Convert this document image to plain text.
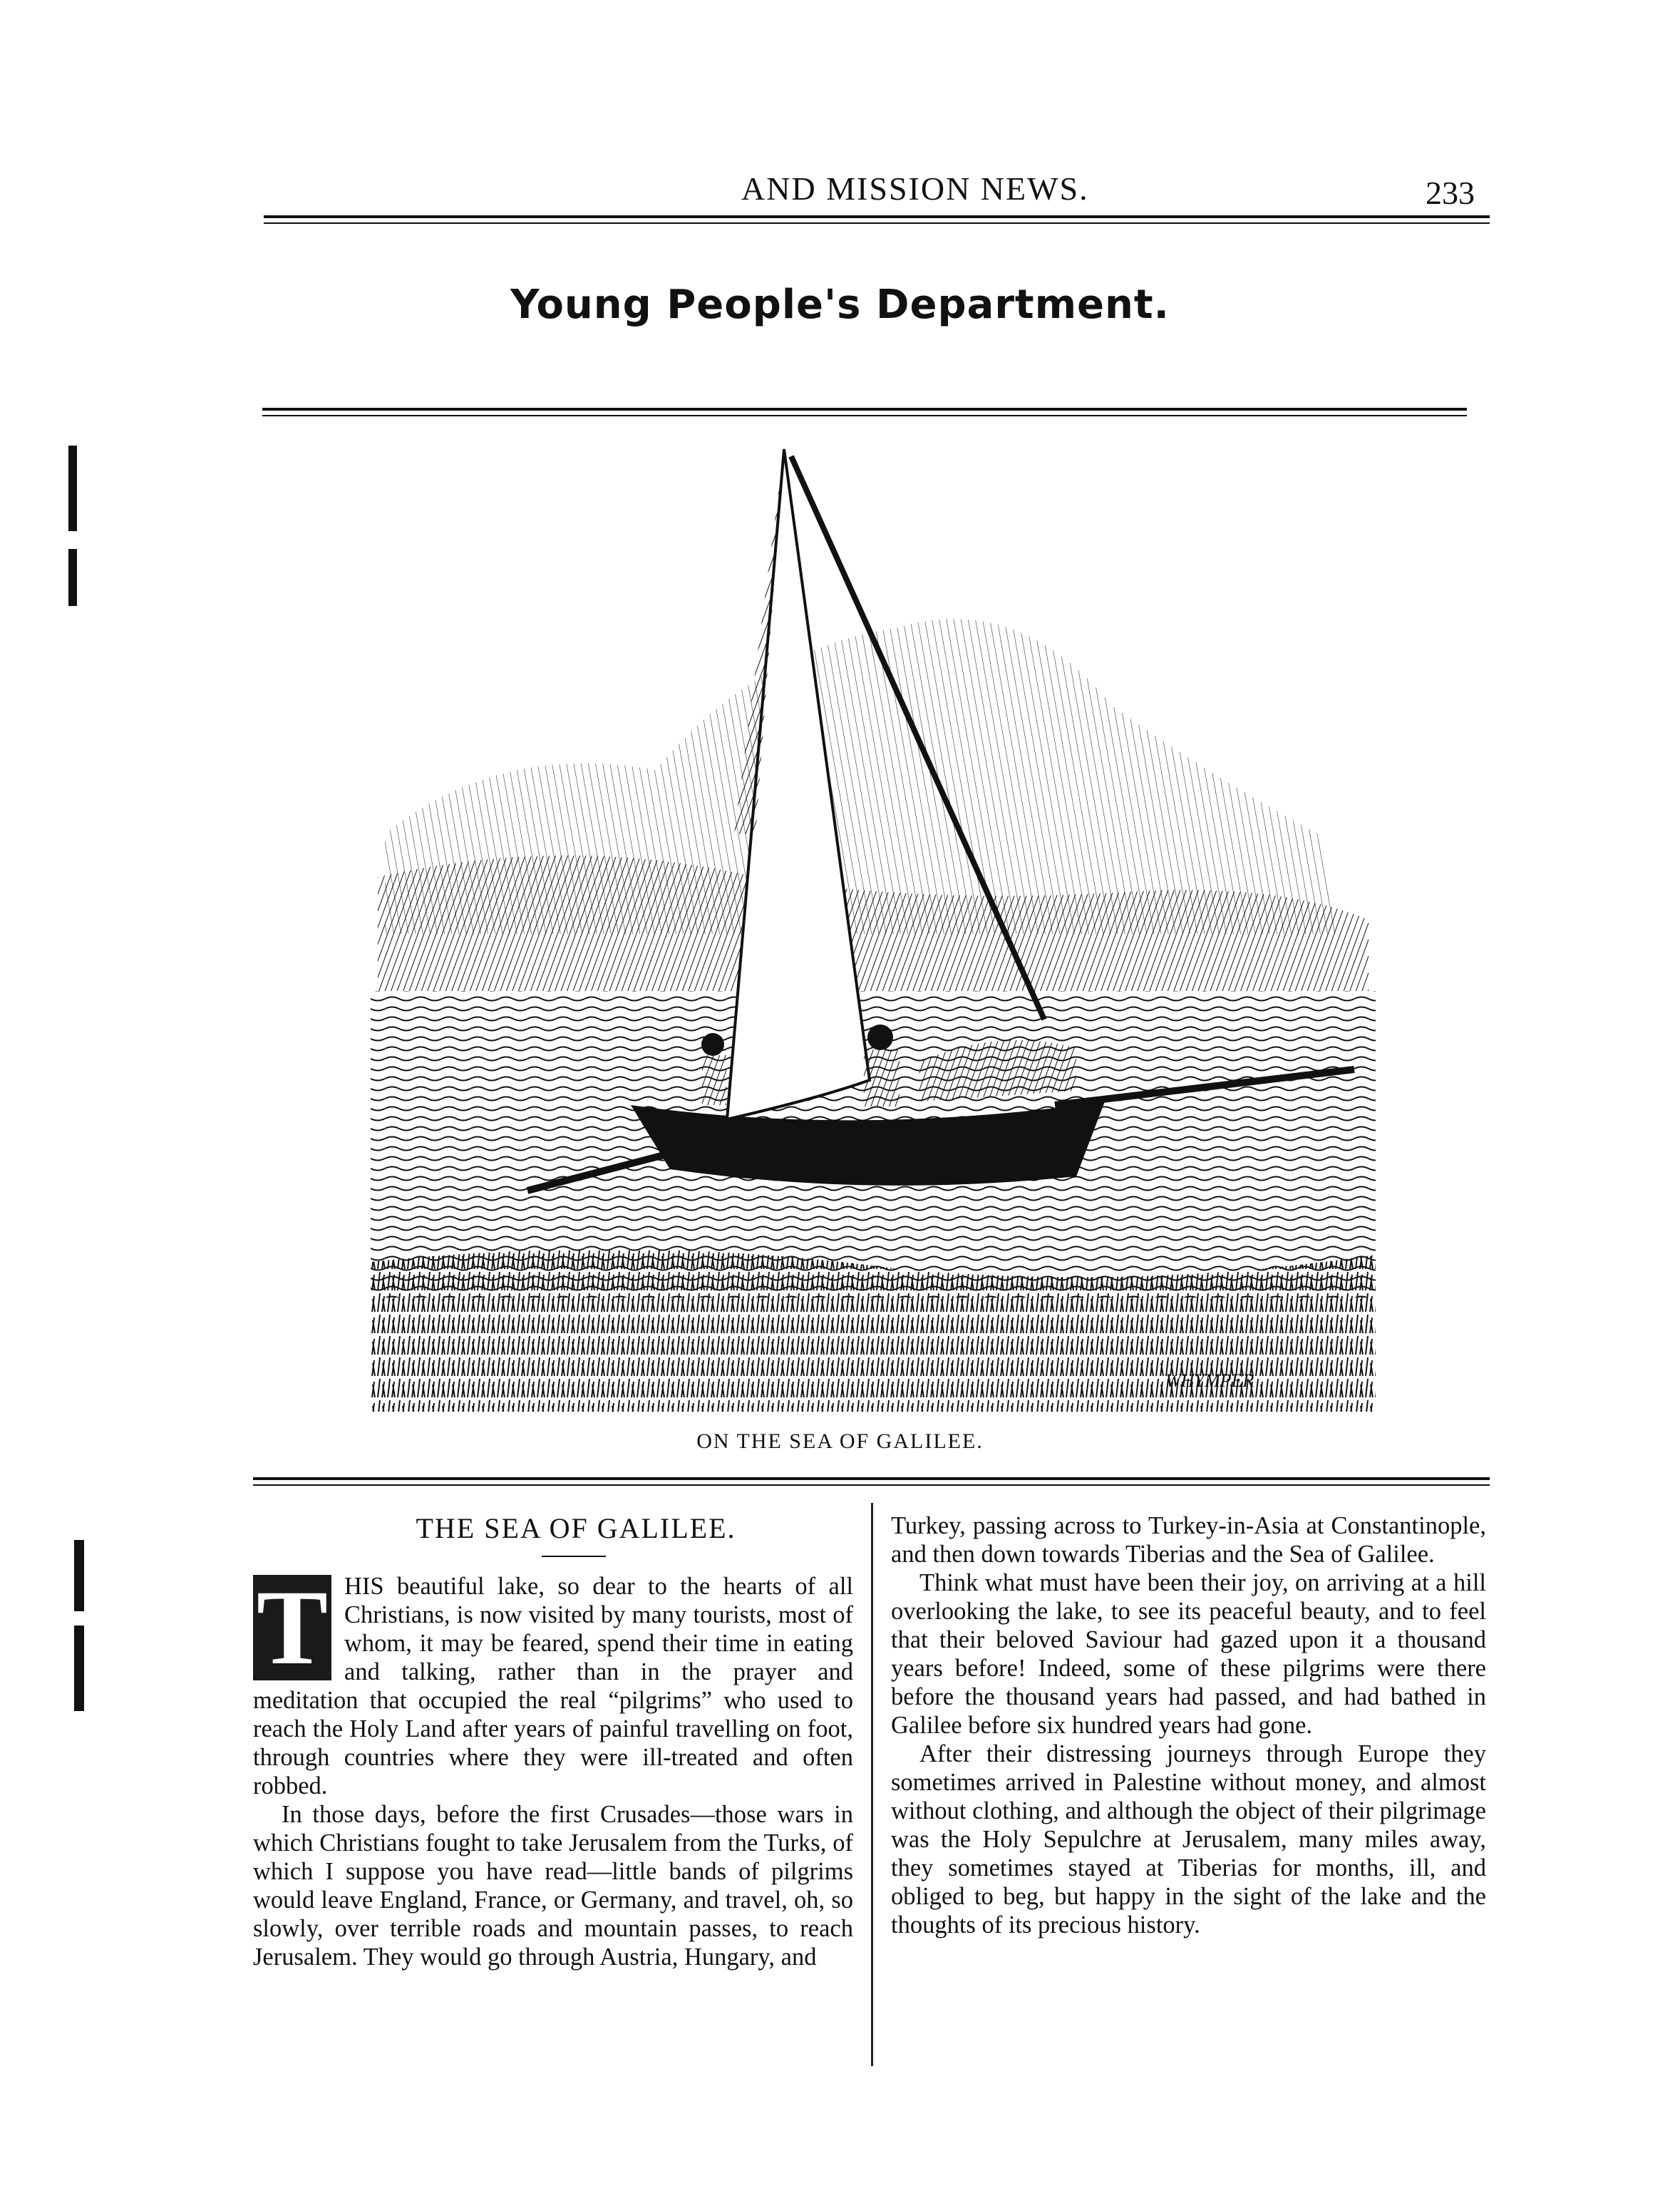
AND MISSION NEWS.	233
Young People's Department.
WHYMPER
ON THE SEA OF GALILEE.
THE SEA OF GALILEE.
T HIS beautiful lake, so dear to the hearts of all Christians, is now visited by many tourists, most of whom, it may be feared, spend their time in eating and talking, rather than in the prayer and meditation that occupied the real “pilgrims” who used to reach the Holy Land after years of painful travelling on foot, through countries where they were ill-treated and often robbed.

In those days, before the first Crusades—those wars in which Christians fought to take Jerusalem from the Turks, of which I suppose you have read—little bands of pilgrims would leave England, France, or Germany, and travel, oh, so slowly, over terrible roads and mountain passes, to reach Jerusalem. They would go through Austria, Hungary, and

Turkey, passing across to Turkey-in-Asia at Constantinople, and then down towards Tiberias and the Sea of Galilee.

Think what must have been their joy, on arriving at a hill overlooking the lake, to see its peaceful beauty, and to feel that their beloved Saviour had gazed upon it a thousand years before! Indeed, some of these pilgrims were there before the thousand years had passed, and had bathed in Galilee before six hundred years had gone.

After their distressing journeys through Europe they sometimes arrived in Palestine without money, and almost without clothing, and although the object of their pilgrimage was the Holy Sepulchre at Jerusalem, many miles away, they sometimes stayed at Tiberias for months, ill, and obliged to beg, but happy in the sight of the lake and the thoughts of its precious history.
